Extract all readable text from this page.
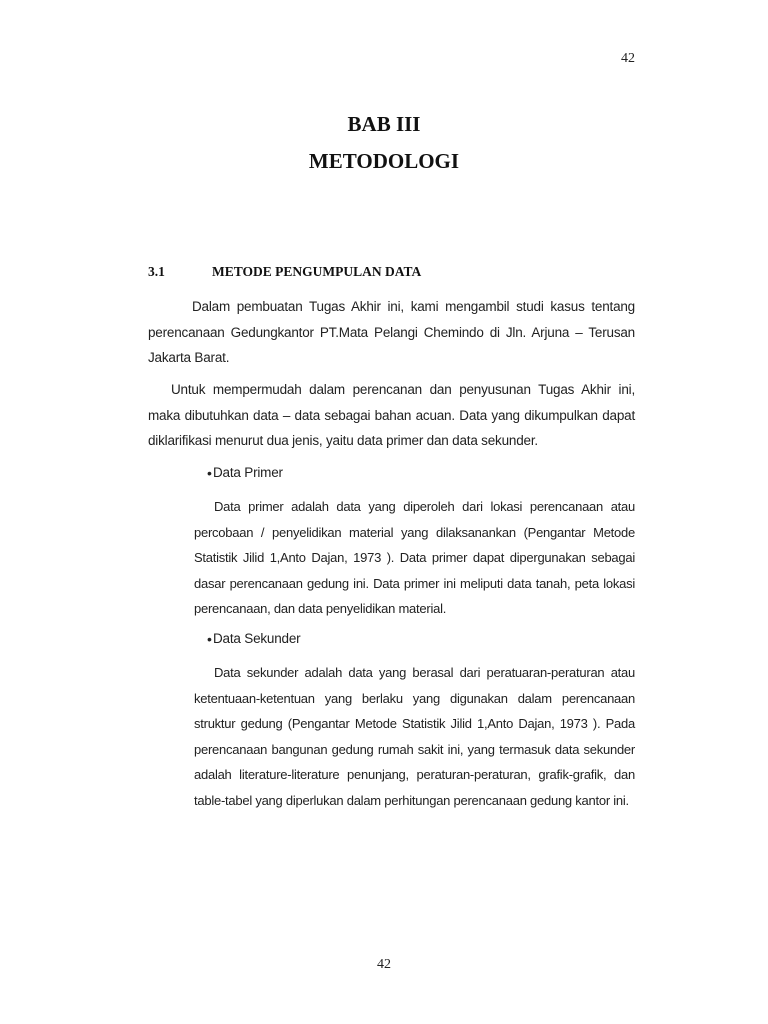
42
BAB III
METODOLOGI
3.1	METODE PENGUMPULAN DATA
Dalam pembuatan Tugas Akhir ini, kami mengambil studi kasus tentang perencanaan Gedungkantor PT.Mata Pelangi Chemindo di Jln. Arjuna – Terusan Jakarta Barat.
Untuk mempermudah dalam perencanan dan penyusunan Tugas Akhir ini, maka dibutuhkan data – data sebagai bahan acuan. Data yang dikumpulkan dapat diklarifikasi menurut dua jenis, yaitu data primer dan data sekunder.
• Data Primer
Data primer adalah data yang diperoleh dari lokasi perencanaan atau percobaan / penyelidikan material yang dilaksanankan (Pengantar Metode Statistik Jilid 1,Anto Dajan, 1973 ). Data primer dapat dipergunakan sebagai dasar perencanaan gedung ini. Data primer ini meliputi data tanah, peta lokasi perencanaan, dan data penyelidikan material.
• Data Sekunder
Data sekunder adalah data yang berasal dari peratuaran-peraturan atau ketentuaan-ketentuan yang berlaku yang digunakan dalam perencanaan struktur gedung (Pengantar Metode Statistik Jilid 1,Anto Dajan, 1973 ). Pada perencanaan bangunan gedung rumah sakit ini, yang termasuk data sekunder adalah literature-literature penunjang, peraturan-peraturan, grafik-grafik, dan table-tabel yang diperlukan dalam perhitungan perencanaan gedung kantor ini.
42
